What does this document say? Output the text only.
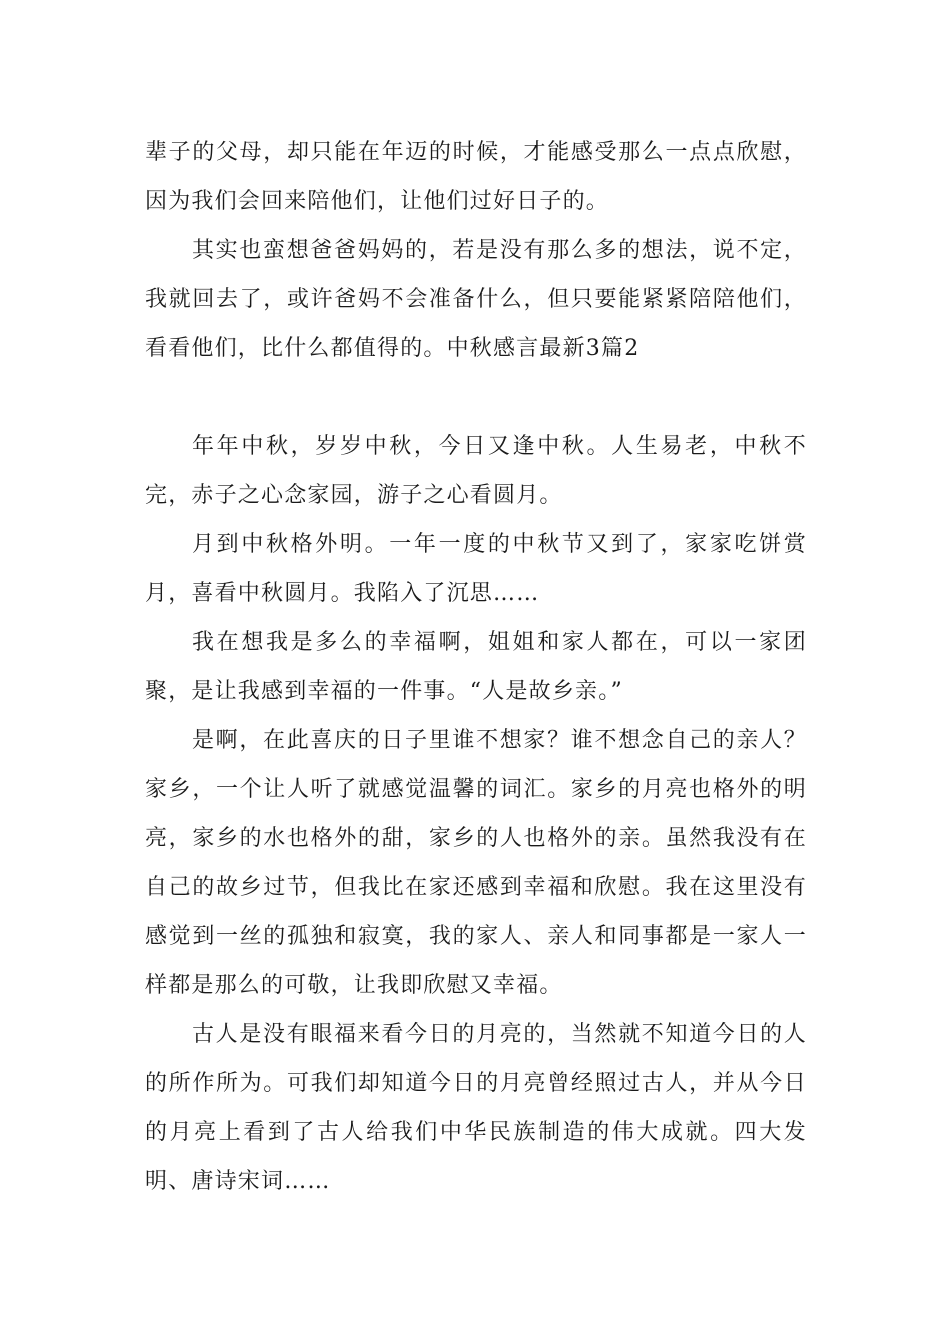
辈子的父母，却只能在年迈的时候，才能感受那么一点点欣慰，因为我们会回来陪他们，让他们过好日子的。

其实也蛮想爸爸妈妈的，若是没有那么多的想法，说不定，我就回去了，或许爸妈不会准备什么，但只要能紧紧陪陪他们，看看他们，比什么都值得的。中秋感言最新3篇2

年年中秋，岁岁中秋，今日又逢中秋。人生易老，中秋不完，赤子之心念家园，游子之心看圆月。

月到中秋格外明。一年一度的中秋节又到了，家家吃饼赏月，喜看中秋圆月。我陷入了沉思……

我在想我是多么的幸福啊，姐姐和家人都在，可以一家团聚，是让我感到幸福的一件事。“人是故乡亲。”

是啊，在此喜庆的日子里谁不想家？谁不想念自己的亲人？家乡，一个让人听了就感觉温馨的词汇。家乡的月亮也格外的明亮，家乡的水也格外的甜，家乡的人也格外的亲。虽然我没有在自己的故乡过节，但我比在家还感到幸福和欣慰。我在这里没有感觉到一丝的孤独和寂寞，我的家人、亲人和同事都是一家人一样都是那么的可敬，让我即欣慰又幸福。

古人是没有眼福来看今日的月亮的，当然就不知道今日的人的所作所为。可我们却知道今日的月亮曾经照过古人，并从今日的月亮上看到了古人给我们中华民族制造的伟大成就。四大发明、唐诗宋词……
